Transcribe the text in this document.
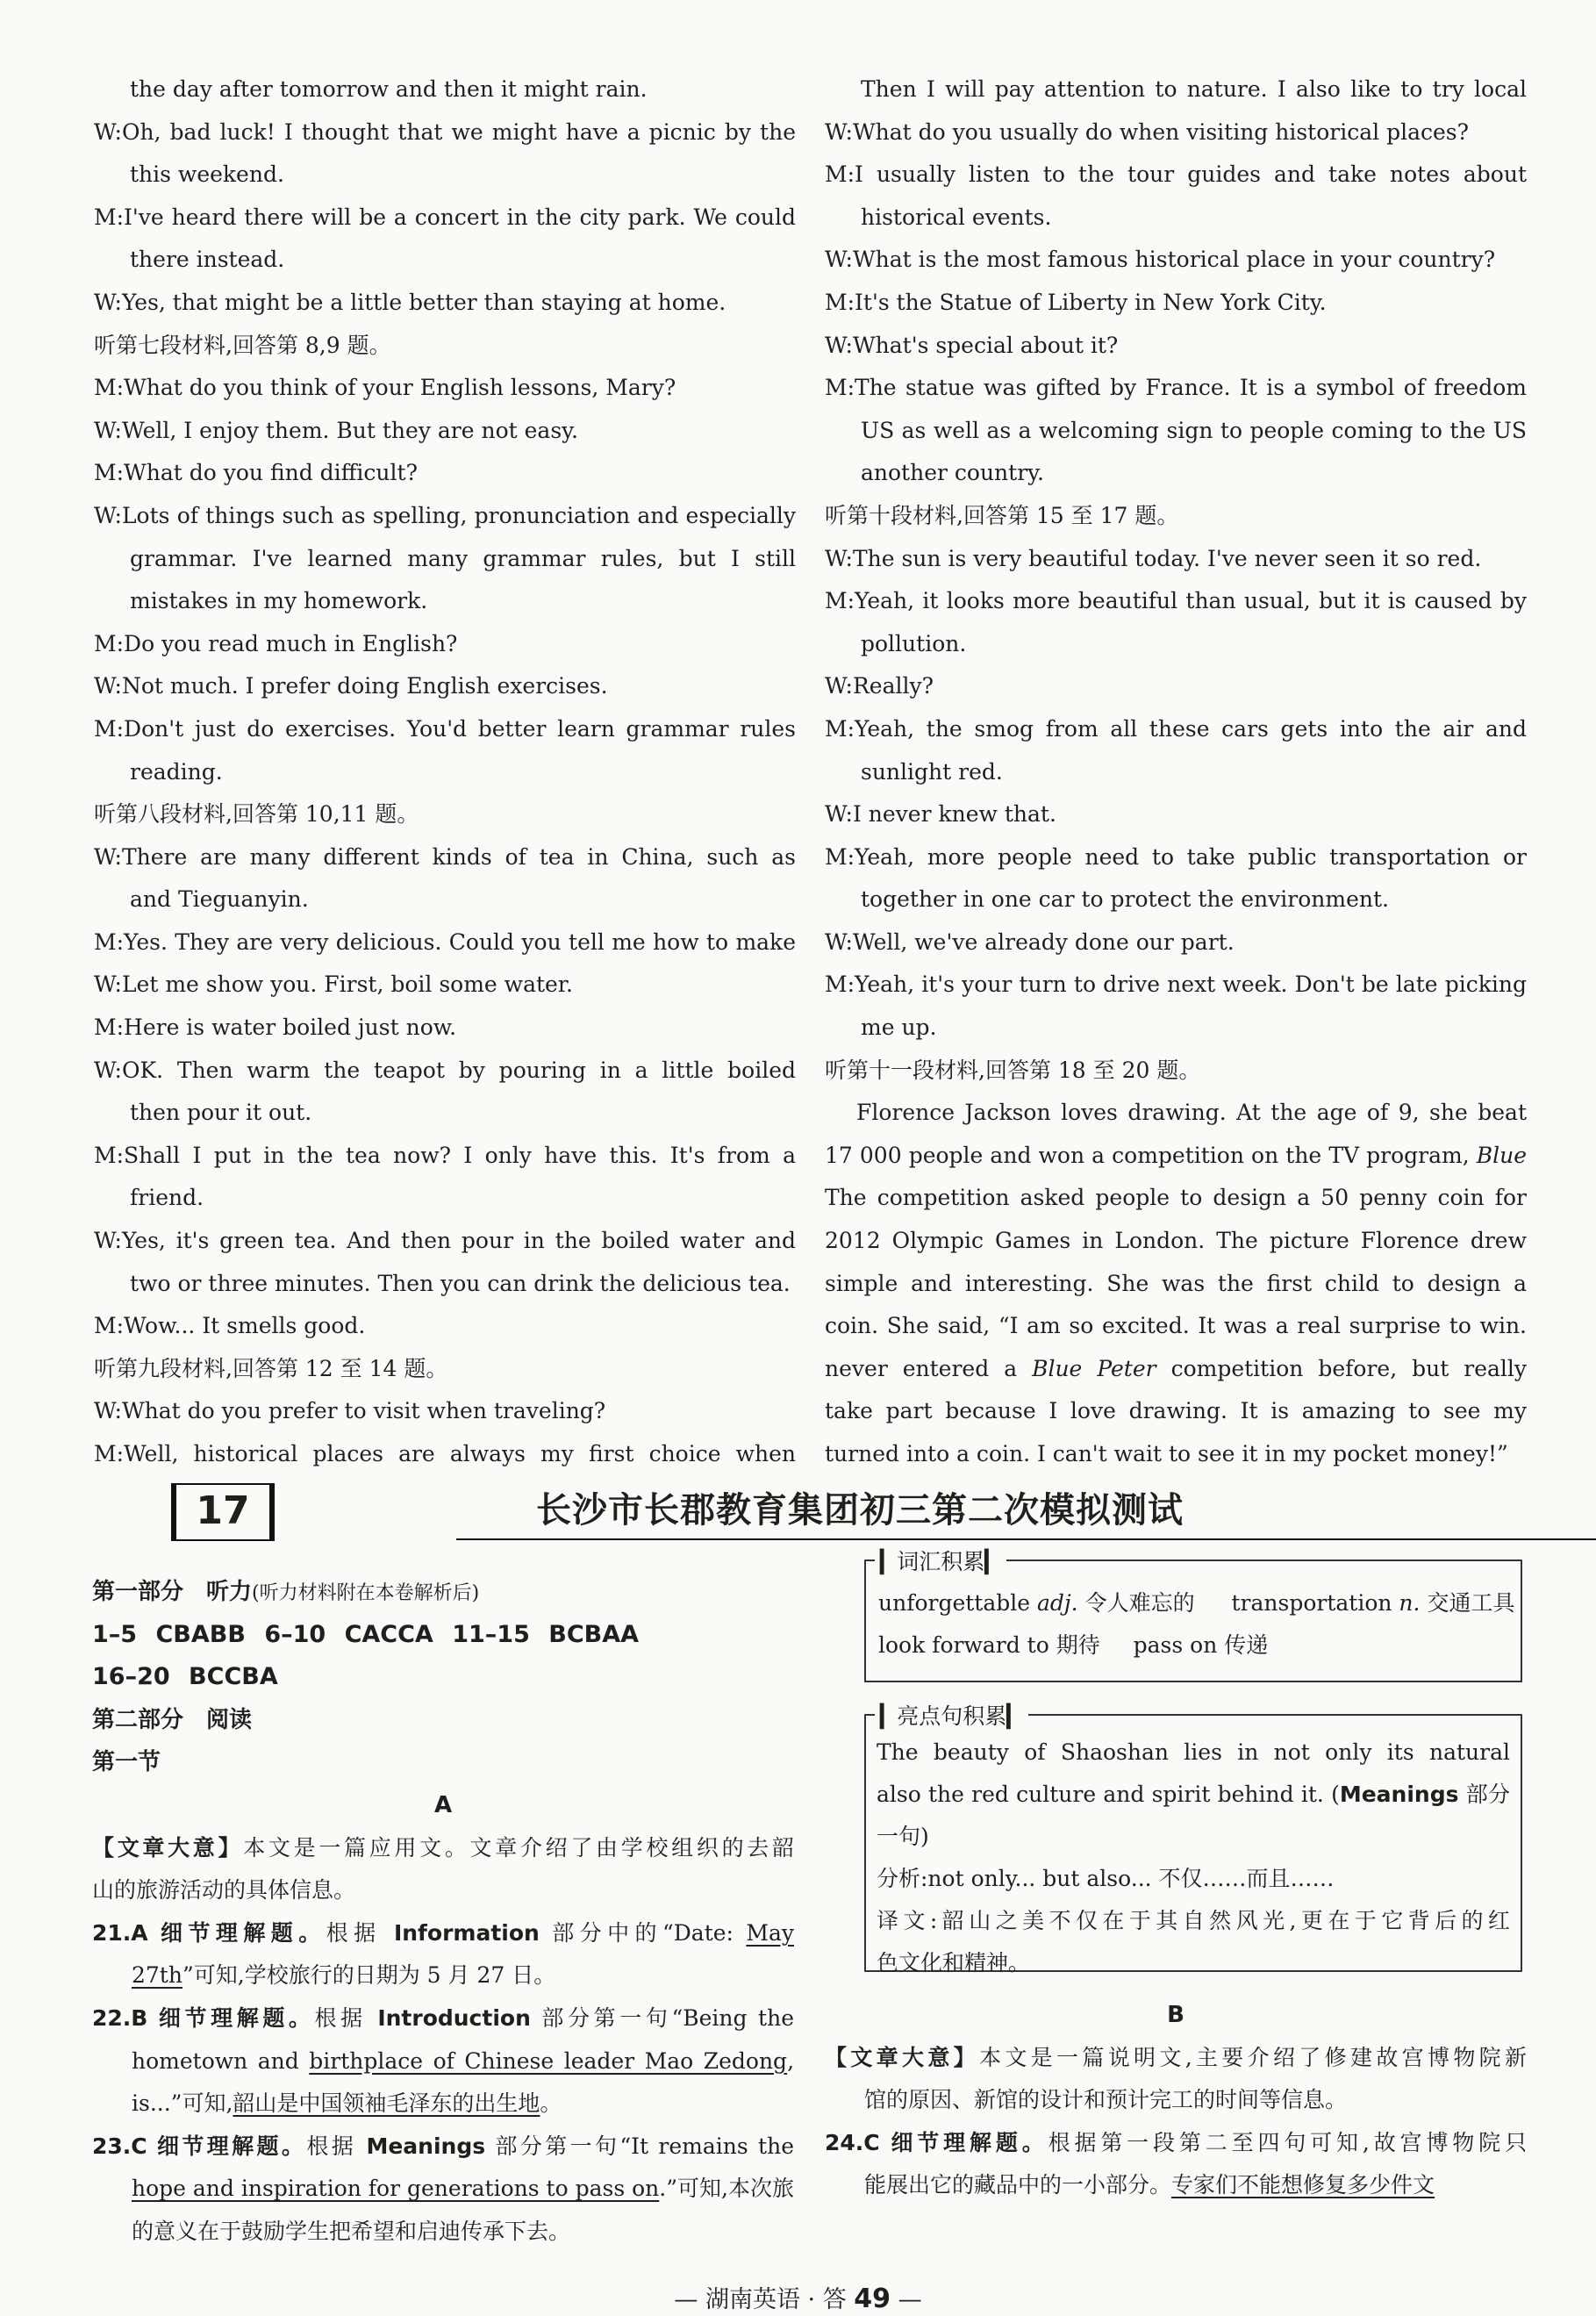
the day after tomorrow and then it might rain.
W:Oh, bad luck! I thought that we might have a picnic by the
this weekend.
M:I've heard there will be a concert in the city park. We could
there instead.
W:Yes, that might be a little better than staying at home.
听第七段材料,回答第 8,9 题。
M:What do you think of your English lessons, Mary?
W:Well, I enjoy them. But they are not easy.
M:What do you find difficult?
W:Lots of things such as spelling, pronunciation and especially
grammar. I've learned many grammar rules, but I still
mistakes in my homework.
M:Do you read much in English?
W:Not much. I prefer doing English exercises.
M:Don't just do exercises. You'd better learn grammar rules
reading.
听第八段材料,回答第 10,11 题。
W:There are many different kinds of tea in China, such as
and Tieguanyin.
M:Yes. They are very delicious. Could you tell me how to make
W:Let me show you. First, boil some water.
M:Here is water boiled just now.
W:OK. Then warm the teapot by pouring in a little boiled
then pour it out.
M:Shall I put in the tea now? I only have this. It's from a
friend.
W:Yes, it's green tea. And then pour in the boiled water and
two or three minutes. Then you can drink the delicious tea.
M:Wow... It smells good.
听第九段材料,回答第 12 至 14 题。
W:What do you prefer to visit when traveling?
M:Well, historical places are always my first choice when
Then I will pay attention to nature. I also like to try local
W:What do you usually do when visiting historical places?
M:I usually listen to the tour guides and take notes about
historical events.
W:What is the most famous historical place in your country?
M:It's the Statue of Liberty in New York City.
W:What's special about it?
M:The statue was gifted by France. It is a symbol of freedom
US as well as a welcoming sign to people coming to the US
another country.
听第十段材料,回答第 15 至 17 题。
W:The sun is very beautiful today. I've never seen it so red.
M:Yeah, it looks more beautiful than usual, but it is caused by
pollution.
W:Really?
M:Yeah, the smog from all these cars gets into the air and
sunlight red.
W:I never knew that.
M:Yeah, more people need to take public transportation or
together in one car to protect the environment.
W:Well, we've already done our part.
M:Yeah, it's your turn to drive next week. Don't be late picking
me up.
听第十一段材料,回答第 18 至 20 题。
Florence Jackson loves drawing. At the age of 9, she beat
17 000 people and won a competition on the TV program, Blue
The competition asked people to design a 50 penny coin for
2012 Olympic Games in London. The picture Florence drew
simple and interesting. She was the first child to design a
coin. She said, “I am so excited. It was a real surprise to win.
never entered a Blue Peter competition before, but really
take part because I love drawing. It is amazing to see my
turned into a coin. I can't wait to see it in my pocket money!”
17	长沙市长郡教育集团初三第二次模拟测试
第一部分　听力(听力材料附在本卷解析后)
1–5 CBABB 6–10 CACCA 11–15 BCBAA
16–20 BCCBA
第二部分　阅读
第一节
A
【文章大意】本文是一篇应用文。文章介绍了由学校组织的去韶
山的旅游活动的具体信息。
21.A 细节理解题。根据 Information 部分中的“Date: May
27th”可知,学校旅行的日期为 5 月 27 日。
22.B 细节理解题。根据 Introduction 部分第一句“Being the
hometown and birthplace of Chinese leader Mao Zedong,
is...”可知,韶山是中国领袖毛泽东的出生地。
23.C 细节理解题。根据 Meanings 部分第一句“It remains the
hope and inspiration for generations to pass on.”可知,本次旅
的意义在于鼓励学生把希望和启迪传承下去。
▎词汇积累▎
unforgettable adj. 令人难忘的 transportation n. 交通工具
look forward to 期待 pass on 传递
▎亮点句积累▎
The beauty of Shaoshan lies in not only its natural
also the red culture and spirit behind it. (Meanings 部分
一句)
分析:not only... but also... 不仅……而且……
译文:韶山之美不仅在于其自然风光,更在于它背后的红
色文化和精神。
B
【文章大意】本文是一篇说明文,主要介绍了修建故宫博物院新
馆的原因、新馆的设计和预计完工的时间等信息。
24.C 细节理解题。根据第一段第二至四句可知,故宫博物院只
能展出它的藏品中的一小部分。专家们不能想修复多少件文
— 湖南英语 · 答 49 —
